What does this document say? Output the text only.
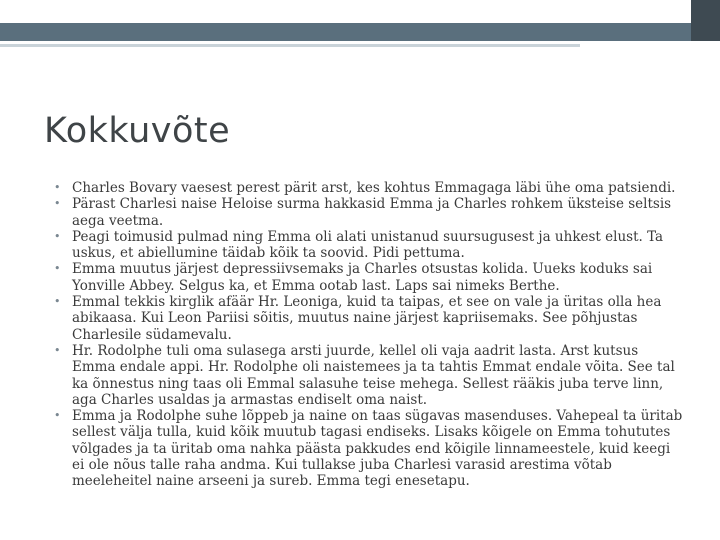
Kokkuvõte
• Charles Bovary vaesest perest pärit arst, kes kohtus Emmagaga läbi ühe oma patsiendi.
• Pärast Charlesi naise Heloise surma hakkasid Emma ja Charles rohkem üksteise seltsis aega veetma.
• Peagi toimusid pulmad ning Emma oli alati unistanud suursugusest ja uhkest elust. Ta uskus, et abiellumine täidab kõik ta soovid. Pidi pettuma.
• Emma muutus järjest depressiivsemaks ja Charles otsustas kolida. Uueks koduks sai Yonville Abbey. Selgus ka, et Emma ootab last. Laps sai nimeks Berthe.
• Emmal tekkis kirglik afäär Hr. Leoniga, kuid ta taipas, et see on vale ja üritas olla hea abikaasa. Kui Leon Pariisi sõitis, muutus naine järjest kapriisemaks. See põhjustas Charlesile südamevalu.
• Hr. Rodolphe tuli oma sulasega arsti juurde, kellel oli vaja aadrit lasta. Arst kutsus Emma endale appi. Hr. Rodolphe oli naistemees ja ta tahtis Emmat endale võita. See tal ka õnnestus ning taas oli Emmal salasuhe teise mehega. Sellest rääkis juba terve linn, aga Charles usaldas ja armastas endiselt oma naist.
• Emma ja Rodolphe suhe lõppeb ja naine on taas sügavas masenduses. Vahepeal ta üritab sellest välja tulla, kuid kõik muutub tagasi endiseks. Lisaks kõigele on Emma tohututes võlgades ja ta üritab oma nahka päästa pakkudes end kõigile linnameestele, kuid keegi ei ole nõus talle raha andma. Kui tullakse juba Charlesi varasid arestima võtab meeleheitel naine arseeni ja sureb. Emma tegi enesetapu.
